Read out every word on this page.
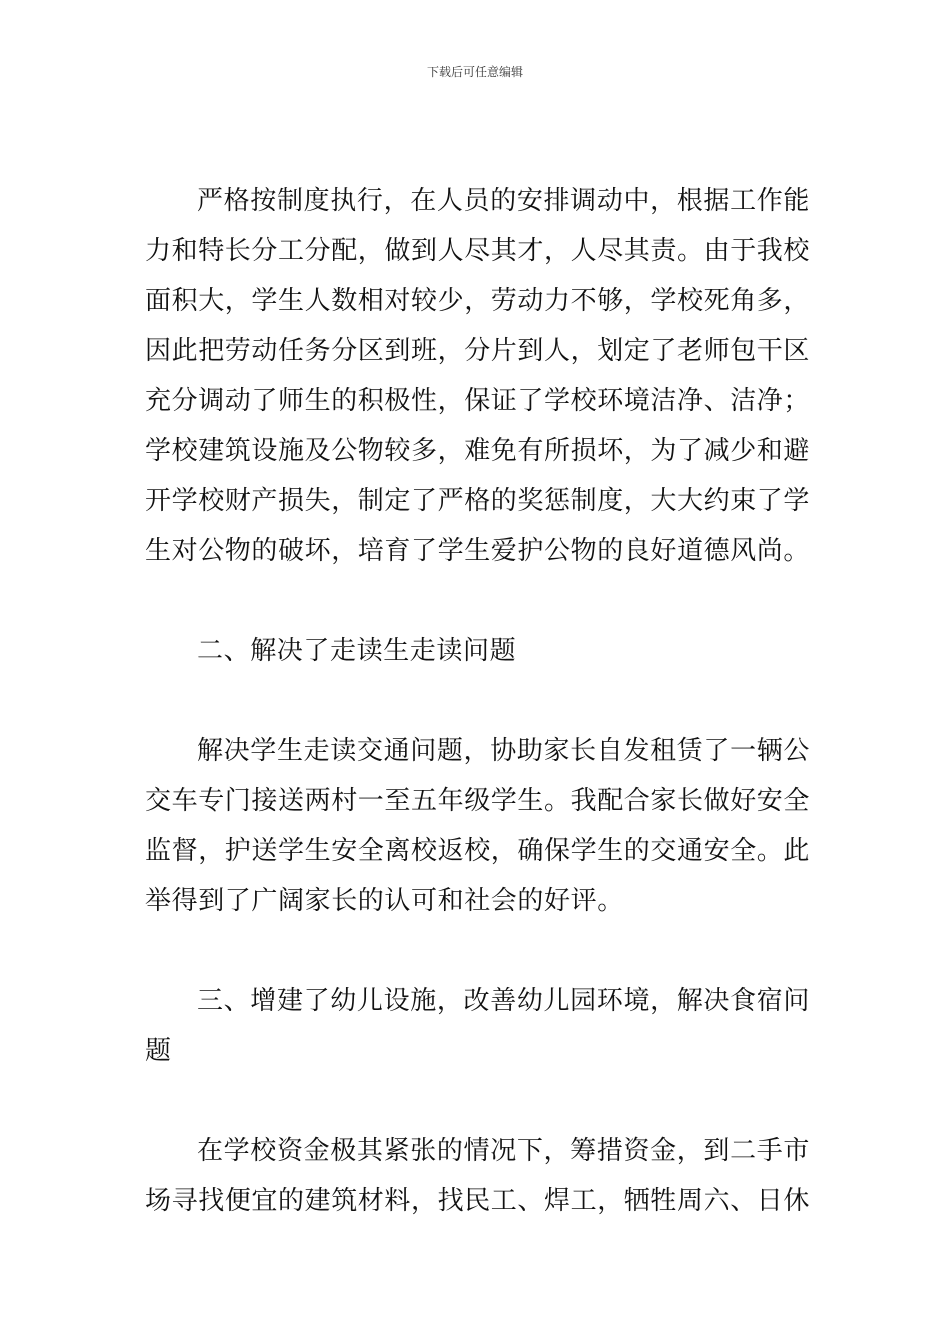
下载后可任意编辑

严格按制度执行，在人员的安排调动中，根据工作能力和特长分工分配，做到人尽其才，人尽其责。由于我校面积大，学生人数相对较少，劳动力不够，学校死角多，因此把劳动任务分区到班，分片到人，划定了老师包干区充分调动了师生的积极性，保证了学校环境洁净、洁净；学校建筑设施及公物较多，难免有所损坏，为了减少和避开学校财产损失，制定了严格的奖惩制度，大大约束了学生对公物的破坏，培育了学生爱护公物的良好道德风尚。

二、解决了走读生走读问题

解决学生走读交通问题，协助家长自发租赁了一辆公交车专门接送两村一至五年级学生。我配合家长做好安全监督，护送学生安全离校返校，确保学生的交通安全。此举得到了广阔家长的认可和社会的好评。

三、增建了幼儿设施，改善幼儿园环境，解决食宿问题

在学校资金极其紧张的情况下，筹措资金，到二手市场寻找便宜的建筑材料，找民工、焊工，牺牲周六、日休
